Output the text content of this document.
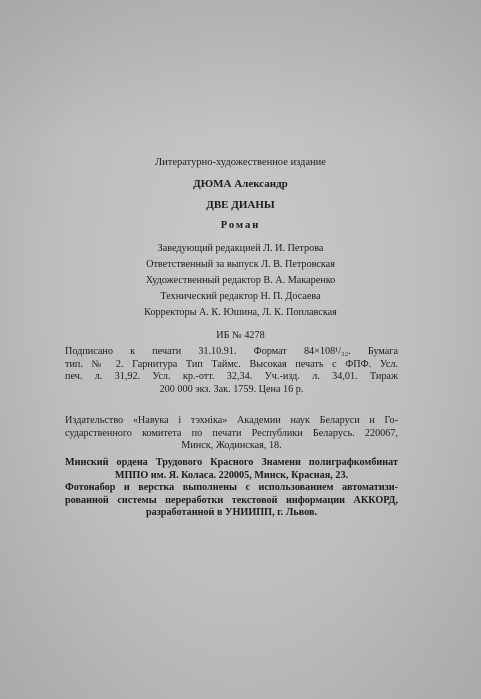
Литературно-художественное издание
ДЮМА Александр
ДВЕ ДИАНЫ
Роман
Заведующий редакцией Л. И. Петрова
Ответственный за выпуск Л. В. Петровская
Художественный редактор В. А. Макаренко
Технический редактор Н. П. Досаева
Корректоры А. К. Юшина, Л. К. Поплавская
ИБ № 4278
Подписано к печати 31.10.91. Формат 84×108¹/₃₂. Бумага
тип. № 2. Гарнитура Тип Таймс. Высокая печать с ФПФ. Усл.
печ. л. 31,92. Усл. кр.-отт. 32,34. Уч.-изд. л. 34,01. Тираж
200 000 экз. Зак. 1759. Цена 16 р.
Издательство «Навука і тэхніка» Академии наук Беларуси и Го-
сударственного комитета по печати Республики Беларусь. 220067,
Минск, Жодинская, 18.
Минский ордена Трудового Красного Знамени полиграфкомбинат
МППО им. Я. Коласа. 220005, Минск, Красная, 23.
Фотонабор и верстка выполнены с использованием автоматизи-
рованной системы переработки текстовой информации АККОРД,
разработанной в УНИИПП, г. Львов.
